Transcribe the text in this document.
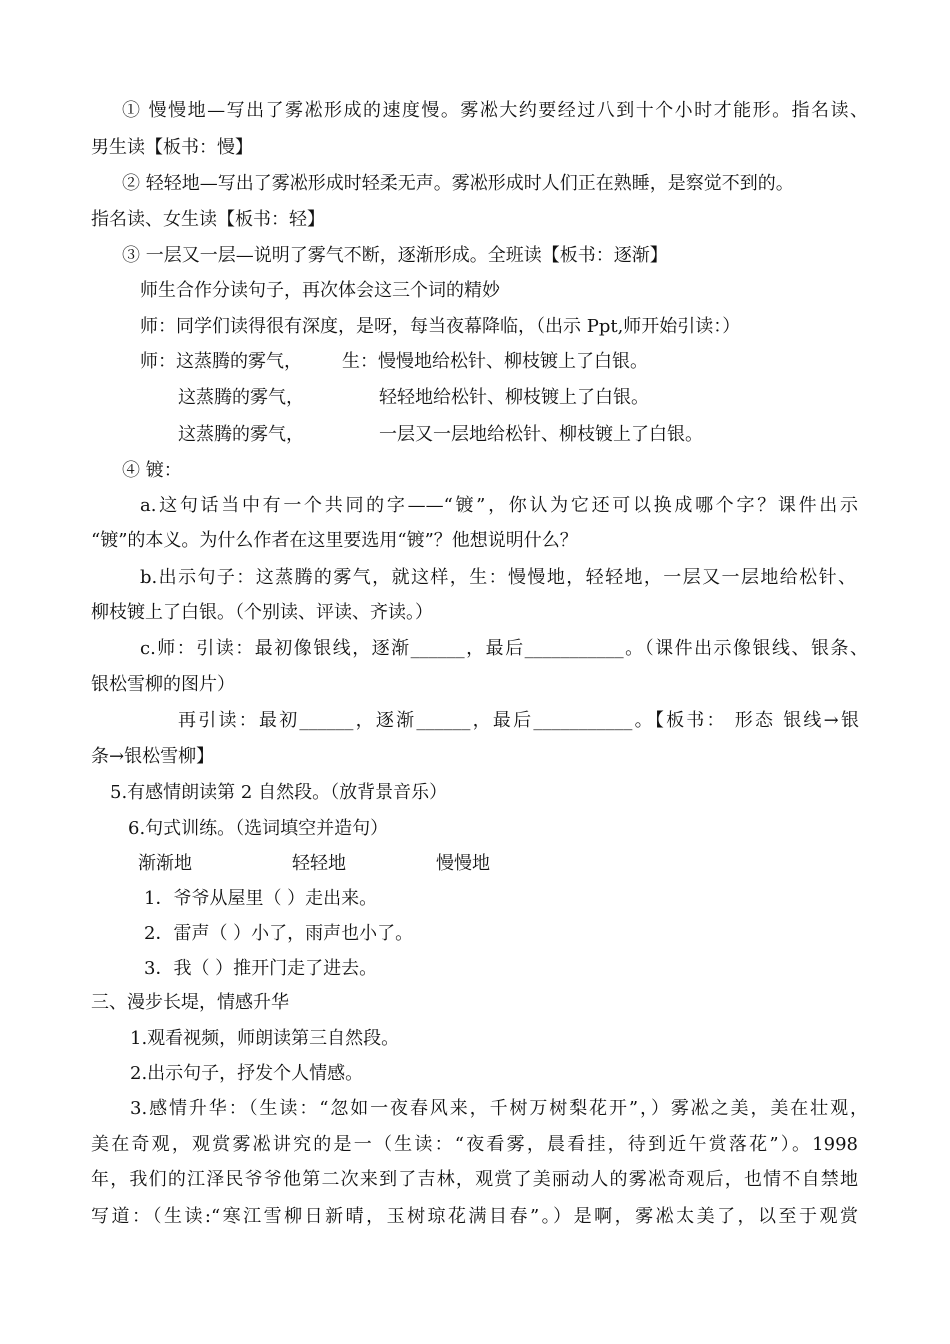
① 慢慢地—写出了雾凇形成的速度慢。雾凇大约要经过八到十个小时才能形。指名读、
男生读【板书：慢】
② 轻轻地—写出了雾凇形成时轻柔无声。雾凇形成时人们正在熟睡，是察觉不到的。
指名读、女生读【板书：轻】
③ 一层又一层—说明了雾气不断，逐渐形成。全班读【板书：逐渐】
师生合作分读句子，再次体会这三个词的精妙
师：同学们读得很有深度，是呀，每当夜幕降临，（出示 Ppt,师开始引读：）
师：这蒸腾的雾气， 生：慢慢地给松针、柳枝镀上了白银。
这蒸腾的雾气，	轻轻地给松针、柳枝镀上了白银。
这蒸腾的雾气，	一层又一层地给松针、柳枝镀上了白银。
④ 镀：
a.这句话当中有一个共同的字——“镀”，你认为它还可以换成哪个字？课件出示
“镀”的本义。为什么作者在这里要选用“镀”？他想说明什么？
b.出示句子：这蒸腾的雾气，就这样，生：慢慢地，轻轻地，一层又一层地给松针、
柳枝镀上了白银。（个别读、评读、齐读。）
c.师：引读：最初像银线，逐渐______，最后___________。（课件出示像银线、银条、
银松雪柳的图片）
再引读：最初______，逐渐______，最后___________。【板书： 形态 银线→银
条→银松雪柳】
5.有感情朗读第 2 自然段。（放背景音乐）
6.句式训练。（选词填空并造句）
渐渐地	轻轻地	慢慢地
1．爷爷从屋里（ ）走出来。
2．雷声（ ）小了，雨声也小了。
3．我（ ）推开门走了进去。
三、漫步长堤，情感升华
1.观看视频，师朗读第三自然段。
2.出示句子，抒发个人情感。
3.感情升华：（生读：“忽如一夜春风来，千树万树梨花开”，）雾凇之美，美在壮观，
美在奇观，观赏雾凇讲究的是一（生读：“夜看雾，晨看挂，待到近午赏落花”）。1998
年，我们的江泽民爷爷他第二次来到了吉林，观赏了美丽动人的雾凇奇观后，也情不自禁地
写道：（生读:“寒江雪柳日新晴，玉树琼花满目春”。）是啊，雾凇太美了，以至于观赏
